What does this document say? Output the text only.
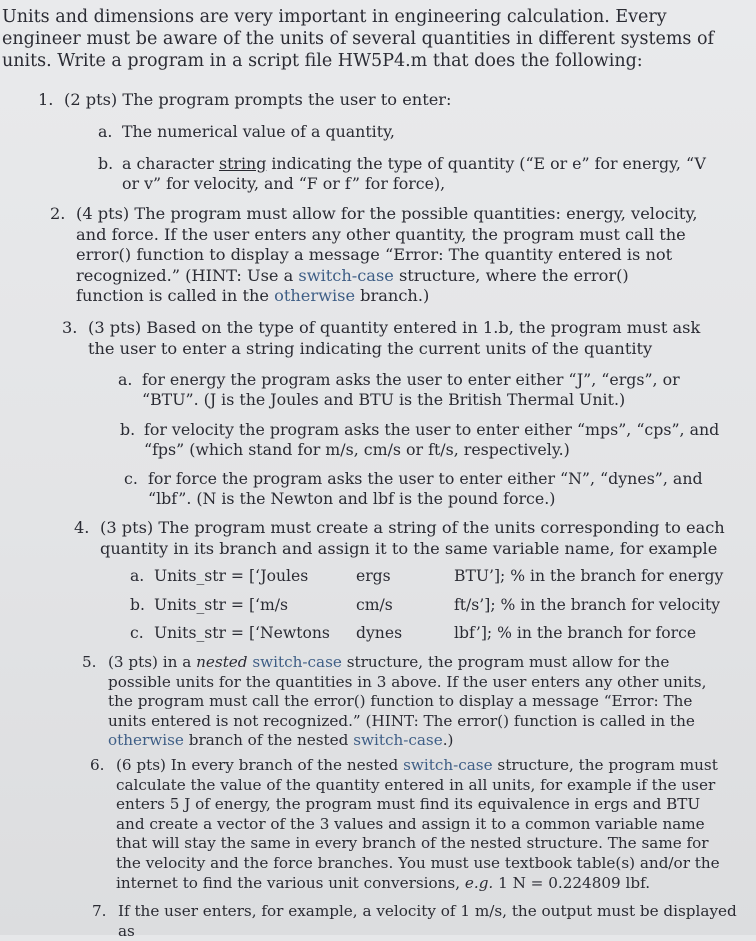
Units and dimensions are very important in engineering calculation. Every engineer must be aware of the units of several quantities in different systems of units. Write a program in a script file HW5P4.m that does the following:
1. (2 pts) The program prompts the user to enter:
a. The numerical value of a quantity,
b. a character string indicating the type of quantity (“E or e” for energy, “V or v” for velocity, and “F or f” for force),
2. (4 pts) The program must allow for the possible quantities: energy, velocity, and force. If the user enters any other quantity, the program must call the error() function to display a message “Error: The quantity entered is not recognized.” (HINT: Use a switch-case structure, where the error() function is called in the otherwise branch.)
3. (3 pts) Based on the type of quantity entered in 1.b, the program must ask the user to enter a string indicating the current units of the quantity
a. for energy the program asks the user to enter either “J”, “ergs”, or “BTU”. (J is the Joules and BTU is the British Thermal Unit.)
b. for velocity the program asks the user to enter either “mps”, “cps”, and “fps” (which stand for m/s, cm/s or ft/s, respectively.)
c. for force the program asks the user to enter either “N”, “dynes”, and “lbf”. (N is the Newton and lbf is the pound force.)
4. (3 pts) The program must create a string of the units corresponding to each quantity in its branch and assign it to the same variable name, for example
a. Units_str = [‘Joules	ergs	BTU’]; % in the branch for energy
b. Units_str = [‘m/s	cm/s	ft/s’]; % in the branch for velocity
c. Units_str = [‘Newtons dynes	lbf’]; % in the branch for force
5. (3 pts) in a nested switch-case structure, the program must allow for the possible units for the quantities in 3 above. If the user enters any other units, the program must call the error() function to display a message “Error: The units entered is not recognized.” (HINT: The error() function is called in the otherwise branch of the nested switch-case.)
6. (6 pts) In every branch of the nested switch-case structure, the program must calculate the value of the quantity entered in all units, for example if the user enters 5 J of energy, the program must find its equivalence in ergs and BTU and create a vector of the 3 values and assign it to a common variable name that will stay the same in every branch of the nested structure. The same for the velocity and the force branches. You must use textbook table(s) and/or the internet to find the various unit conversions, e.g. 1 N = 0.224809 lbf.
7. If the user enters, for example, a velocity of 1 m/s, the output must be displayed as
